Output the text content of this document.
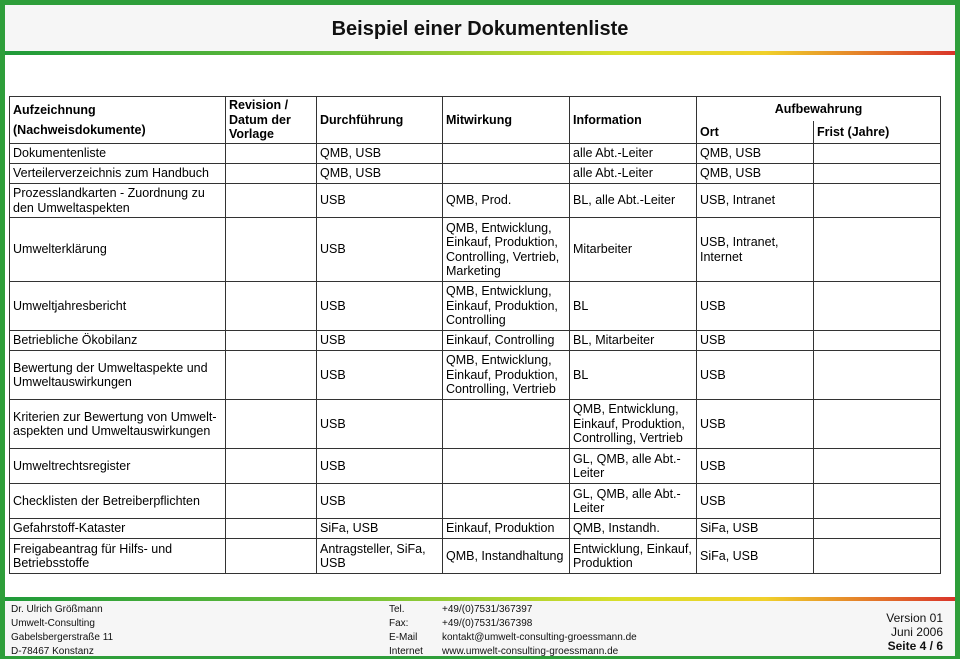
Beispiel einer Dokumentenliste
Aufzeichnung
(Nachweisdokumente)	Revision / Datum der Vorlage	Durchführung	Mitwirkung	Information	Aufbewahrung	
					Ort	Frist (Jahre)
Dokumentenliste		QMB, USB		alle Abt.-Leiter	QMB, USB	
Verteilerverzeichnis zum Handbuch		QMB, USB		alle Abt.-Leiter	QMB, USB	
Prozesslandkarten - Zuordnung zu den Umweltaspekten		USB	QMB, Prod.	BL, alle Abt.-Leiter	USB, Intranet	
Umwelterklärung		USB	QMB, Entwicklung, Einkauf, Produktion, Controlling, Vertrieb, Marketing	Mitarbeiter	USB, Intranet, Internet	
Umweltjahresbericht		USB	QMB, Entwicklung, Einkauf, Produktion, Controlling	BL	USB	
Betriebliche Ökobilanz		USB	Einkauf, Controlling	BL, Mitarbeiter	USB	
Bewertung der Umweltaspekte und Umweltauswirkungen		USB	QMB, Entwicklung, Einkauf, Produktion, Controlling, Vertrieb	BL	USB	
Kriterien zur Bewertung von Umwelt-aspekten und Umweltauswirkungen		USB		QMB, Entwicklung, Einkauf, Produktion, Controlling, Vertrieb	USB	
Umweltrechtsregister		USB		GL, QMB, alle Abt.-Leiter	USB	
Checklisten der Betreiberpflichten		USB		GL, QMB, alle Abt.-Leiter	USB	
Gefahrstoff-Kataster		SiFa, USB	Einkauf, Produktion	QMB, Instandh.	SiFa, USB	
Freigabeantrag für Hilfs- und Betriebsstoffe		Antragsteller, SiFa, USB	QMB, Instandhaltung	Entwicklung, Einkauf, Produktion	SiFa, USB	
Dr. Ulrich Größmann
Umwelt-Consulting
Gabelsbergerstraße 11
D-78467 Konstanz
Tel.
Fax:
E-Mail
Internet
+49/(0)7531/367397
+49/(0)7531/367398
kontakt@umwelt-consulting-groessmann.de
www.umwelt-consulting-groessmann.de
Version 01
Juni 2006
Seite 4 / 6
